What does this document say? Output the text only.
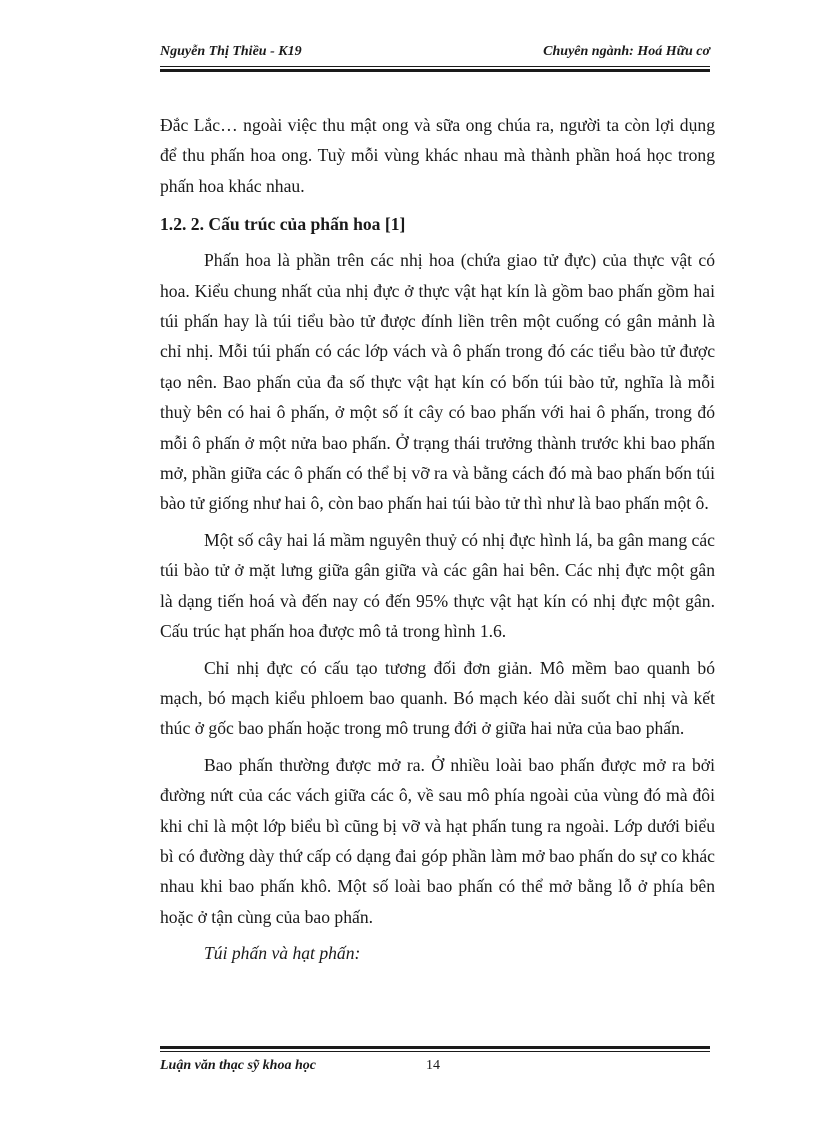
Nguyễn Thị Thiều - K19	Chuyên ngành: Hoá Hữu cơ

Đắc Lắc… ngoài việc thu mật ong và sữa ong chúa ra, người ta còn lợi dụng để thu phấn hoa ong. Tuỳ mỗi vùng khác nhau mà thành phần hoá học trong phấn hoa khác nhau.

1.2. 2. Cấu trúc của phấn hoa [1]

Phấn hoa là phần trên các nhị hoa (chứa giao tử đực) của thực vật có hoa. Kiểu chung nhất của nhị đực ở thực vật hạt kín là gồm bao phấn gồm hai túi phấn hay là túi tiểu bào tử được đính liền trên một cuống có gân mảnh là chỉ nhị. Mỗi túi phấn có các lớp vách và ô phấn trong đó các tiểu bào tử được tạo nên. Bao phấn của đa số thực vật hạt kín có bốn túi bào tử, nghĩa là mỗi thuỳ bên có hai ô phấn, ở một số ít cây có bao phấn với hai ô phấn, trong đó mỗi ô phấn ở một nửa bao phấn. Ở trạng thái trưởng thành trước khi bao phấn mở, phần giữa các ô phấn có thể bị vỡ ra và bằng cách đó mà bao phấn bốn túi bào tử giống như hai ô, còn bao phấn hai túi bào tử thì như là bao phấn một ô.

Một số cây hai lá mầm nguyên thuỷ có nhị đực hình lá, ba gân mang các túi bào tử ở mặt lưng giữa gân giữa và các gân hai bên. Các nhị đực một gân là dạng tiến hoá và đến nay có đến 95% thực vật hạt kín có nhị đực một gân. Cấu trúc hạt phấn hoa được mô tả trong hình 1.6.

Chỉ nhị đực có cấu tạo tương đối đơn giản. Mô mềm bao quanh bó mạch, bó mạch kiểu phloem bao quanh. Bó mạch kéo dài suốt chỉ nhị và kết thúc ở gốc bao phấn hoặc trong mô trung đới ở giữa hai nửa của bao phấn.

Bao phấn thường được mở ra. Ở nhiều loài bao phấn được mở ra bởi đường nứt của các vách giữa các ô, về sau mô phía ngoài của vùng đó mà đôi khi chỉ là một lớp biểu bì cũng bị vỡ và hạt phấn tung ra ngoài. Lớp dưới biểu bì có đường dày thứ cấp có dạng đai góp phần làm mở bao phấn do sự co khác nhau khi bao phấn khô. Một số loài bao phấn có thể mở bằng lỗ ở phía bên hoặc ở tận cùng của bao phấn.

Túi phấn và hạt phấn:

Luận văn thạc sỹ khoa học	14
